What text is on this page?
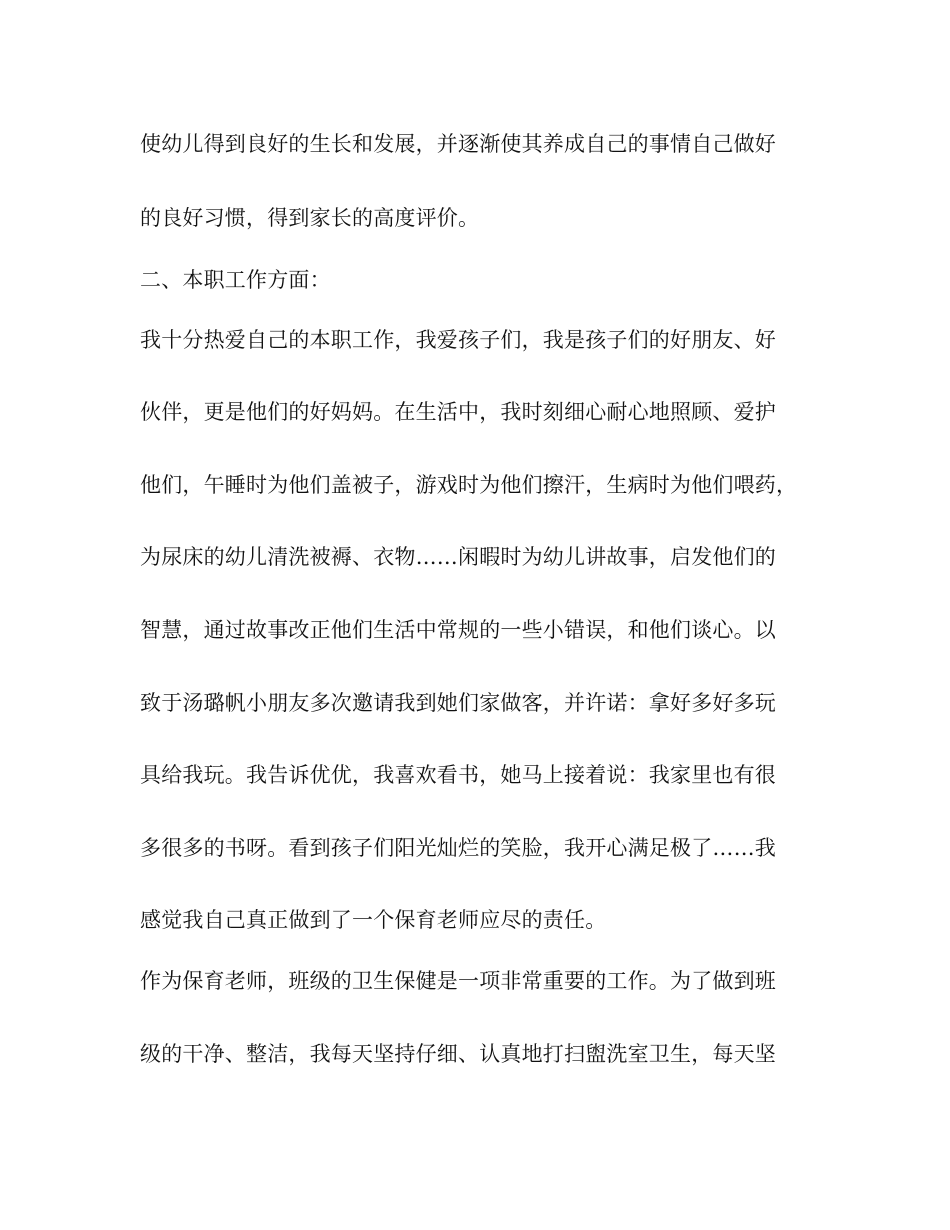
使幼儿得到良好的生长和发展，并逐渐使其养成自己的事情自己做好
的良好习惯，得到家长的高度评价。
二、本职工作方面：
我十分热爱自己的本职工作，我爱孩子们，我是孩子们的好朋友、好
伙伴，更是他们的好妈妈。在生活中，我时刻细心耐心地照顾、爱护
他们，午睡时为他们盖被子，游戏时为他们擦汗，生病时为他们喂药，
为尿床的幼儿清洗被褥、衣物……闲暇时为幼儿讲故事，启发他们的
智慧，通过故事改正他们生活中常规的一些小错误，和他们谈心。以
致于汤璐帆小朋友多次邀请我到她们家做客，并许诺：拿好多好多玩
具给我玩。我告诉优优，我喜欢看书，她马上接着说：我家里也有很
多很多的书呀。看到孩子们阳光灿烂的笑脸，我开心满足极了……我
感觉我自己真正做到了一个保育老师应尽的责任。
作为保育老师，班级的卫生保健是一项非常重要的工作。为了做到班
级的干净、整洁，我每天坚持仔细、认真地打扫盥洗室卫生，每天坚
